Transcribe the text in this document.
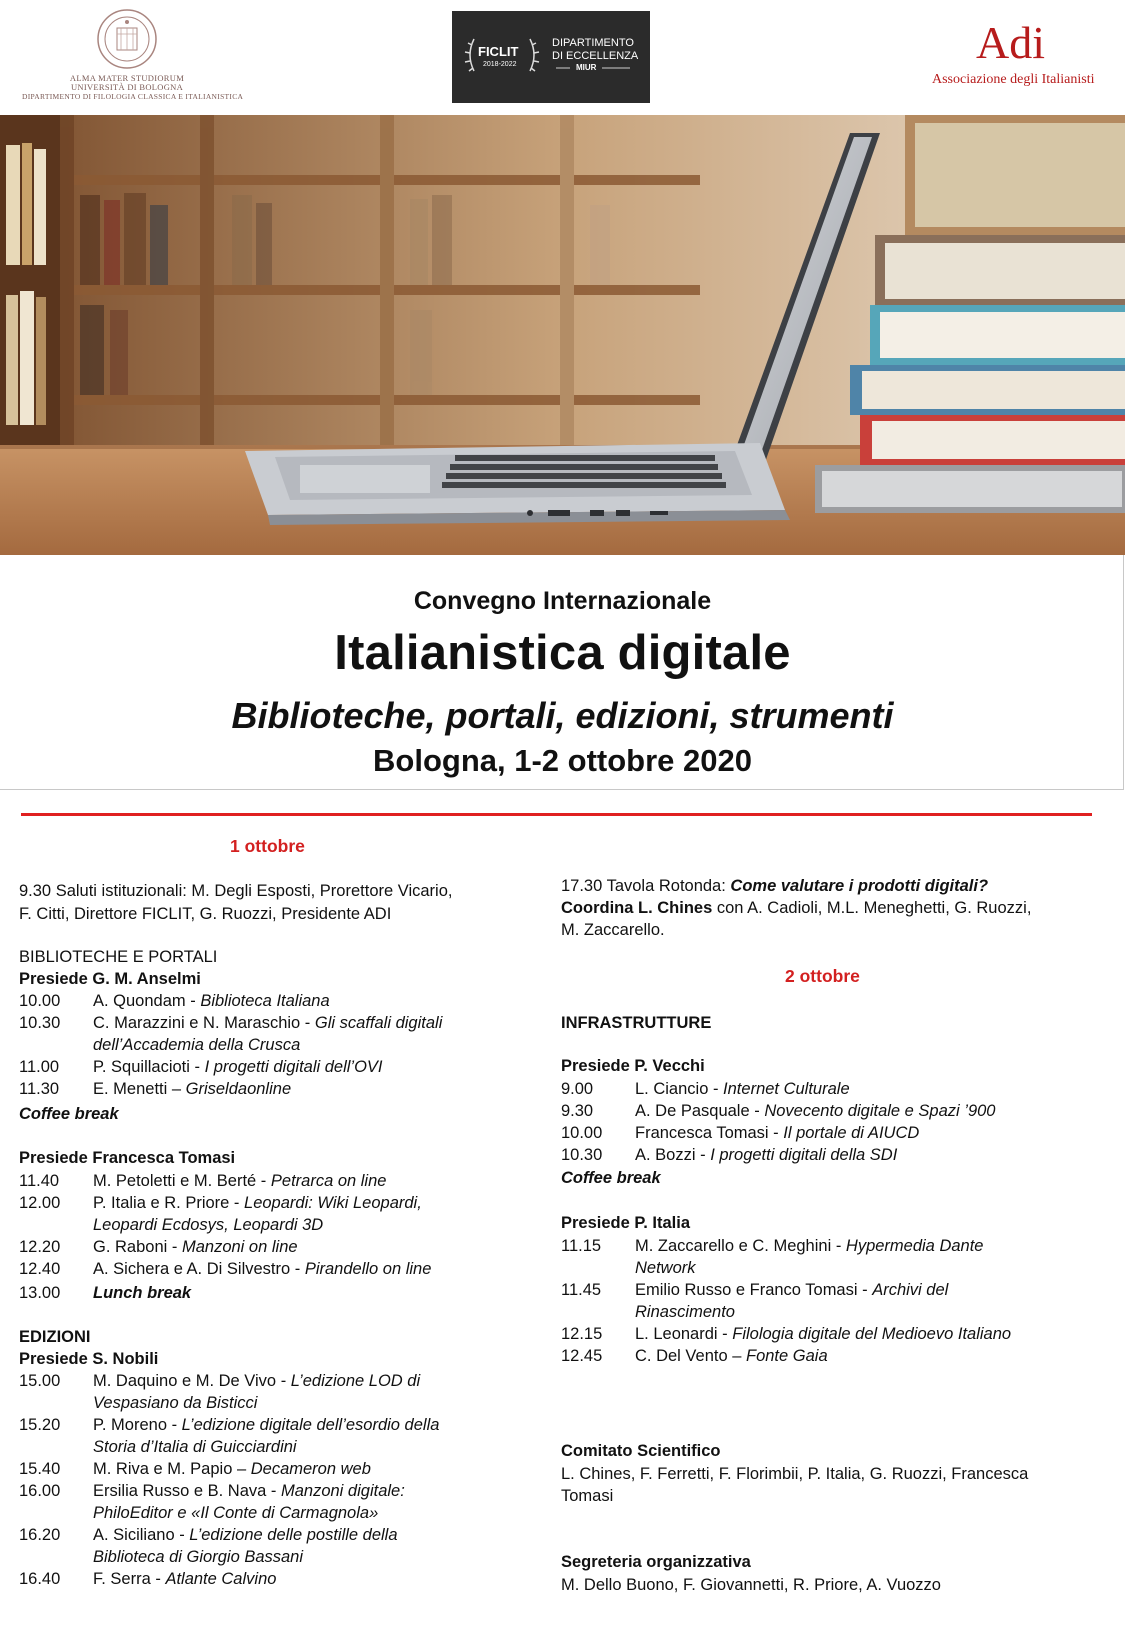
ALMA MATER STUDIORUM
UNIVERSITÀ DI BOLOGNA
DIPARTIMENTO DI FILOLOGIA CLASSICA E ITALIANISTICA
FICLIT
2018-2022
DIPARTIMENTO
DI ECCELLENZA
MIUR	Adi
Associazione degli Italianisti
Convegno Internazionale
Italianistica digitale
Biblioteche, portali, edizioni, strumenti
Bologna, 1-2 ottobre 2020
1 ottobre
9.30 Saluti istituzionali: M. Degli Esposti, Prorettore Vicario,
F. Citti, Direttore FICLIT, G. Ruozzi, Presidente ADI
BIBLIOTECHE E PORTALI
Presiede G. M. Anselmi
10.00 A. Quondam - Biblioteca Italiana
10.30 C. Marazzini e N. Maraschio - Gli scaffali digitali
dell’Accademia della Crusca
11.00 P. Squillacioti - I progetti digitali dell’OVI
11.30 E. Menetti – Griseldaonline
Coffee break
Presiede Francesca Tomasi
11.40 M. Petoletti e M. Berté - Petrarca on line
12.00 P. Italia e R. Priore - Leopardi: Wiki Leopardi,
Leopardi Ecdosys, Leopardi 3D
12.20 G. Raboni - Manzoni on line
12.40 A. Sichera e A. Di Silvestro - Pirandello on line
13.00 Lunch break
EDIZIONI
Presiede S. Nobili
15.00 M. Daquino e M. De Vivo - L’edizione LOD di
Vespasiano da Bisticci
15.20 P. Moreno - L’edizione digitale dell’esordio della
Storia d’Italia di Guicciardini
15.40 M. Riva e M. Papio – Decameron web
16.00 Ersilia Russo e B. Nava - Manzoni digitale:
PhiloEditor e «Il Conte di Carmagnola»
16.20 A. Siciliano - L’edizione delle postille della
Biblioteca di Giorgio Bassani
16.40 F. Serra - Atlante Calvino
17.30 Tavola Rotonda: Come valutare i prodotti digitali?
Coordina L. Chines con A. Cadioli, M.L. Meneghetti, G. Ruozzi,
M. Zaccarello.
2 ottobre
INFRASTRUTTURE
Presiede P. Vecchi
9.00	L. Ciancio - Internet Culturale
9.30	A. De Pasquale - Novecento digitale e Spazi ’900
10.00 Francesca Tomasi - Il portale di AIUCD
10.30 A. Bozzi - I progetti digitali della SDI
Coffee break
Presiede P. Italia
11.15 M. Zaccarello e C. Meghini - Hypermedia Dante
Network
11.45 Emilio Russo e Franco Tomasi - Archivi del
Rinascimento
12.15 L. Leonardi - Filologia digitale del Medioevo Italiano
12.45 C. Del Vento – Fonte Gaia
Comitato Scientifico
L. Chines, F. Ferretti, F. Florimbii, P. Italia, G. Ruozzi, Francesca
Tomasi
Segreteria organizzativa
M. Dello Buono, F. Giovannetti, R. Priore, A. Vuozzo
